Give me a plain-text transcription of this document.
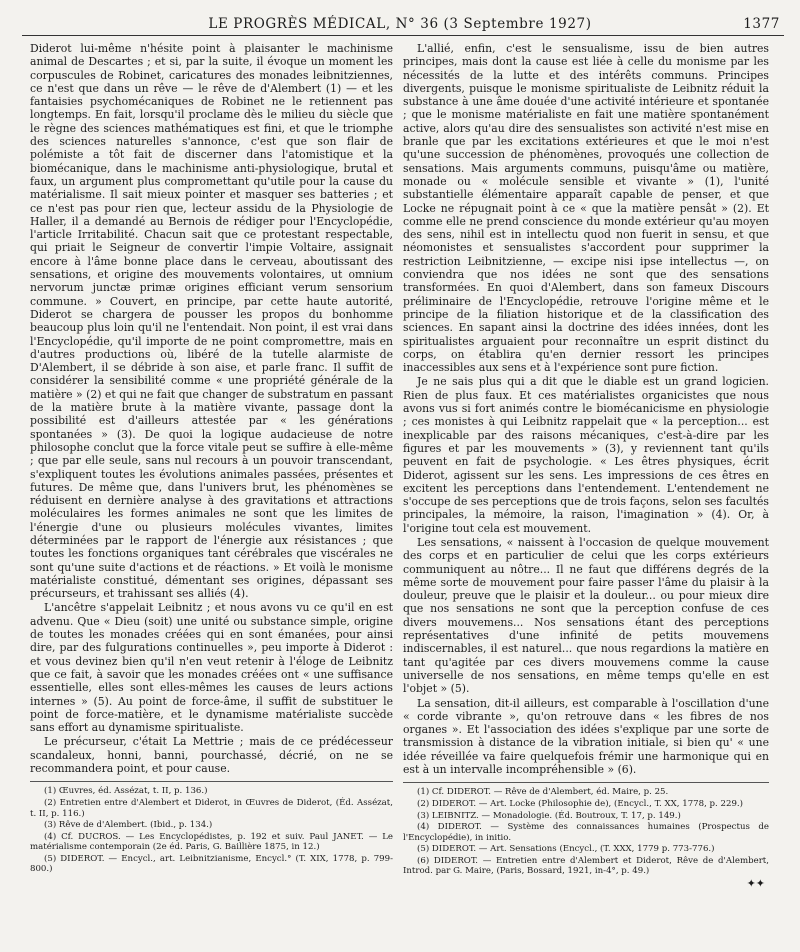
LE PROGRÈS MÉDICAL, N° 36 (3 Septembre 1927)	1377

Diderot lui-même n'hésite point à plaisanter le machinisme animal de Descartes ; et si, par la suite, il évoque un moment les corpuscules de Robinet, caricatures des monades leibnitziennes, ce n'est que dans un rêve — le rêve de d'Alembert (1) — et les fantaisies psychomécaniques de Robinet ne le retiennent pas longtemps. En fait, lorsqu'il proclame dès le milieu du siècle que le règne des sciences mathématiques est fini, et que le triomphe des sciences naturelles s'annonce, c'est que son flair de polémiste a tôt fait de discerner dans l'atomistique et la biomécanique, dans le machinisme anti-physiologique, brutal et faux, un argument plus compromettant qu'utile pour la cause du matérialisme. Il sait mieux pointer et masquer ses batteries ; et ce n'est pas pour rien que, lecteur assidu de la Physiologie de Haller, il a demandé au Bernois de rédiger pour l'Encyclopédie, l'article Irritabilité. Chacun sait que ce protestant respectable, qui priait le Seigneur de convertir l'impie Voltaire, assignait encore à l'âme bonne place dans le cerveau, aboutissant des sensations, et origine des mouvements volontaires, ut omnium nervorum junctæ primæ origines efficiant verum sensorium commune. » Couvert, en principe, par cette haute autorité, Diderot se chargera de pousser les propos du bonhomme beaucoup plus loin qu'il ne l'entendait. Non point, il est vrai dans l'Encyclopédie, qu'il importe de ne point compromettre, mais en d'autres productions où, libéré de la tutelle alarmiste de D'Alembert, il se débride à son aise, et parle franc. Il suffit de considérer la sensibilité comme « une propriété générale de la matière » (2) et qui ne fait que changer de substratum en passant de la matière brute à la matière vivante, passage dont la possibilité est d'ailleurs attestée par « les générations spontanées » (3). De quoi la logique audacieuse de notre philosophe conclut que la force vitale peut se suffire à elle-même ; que par elle seule, sans nul recours à un pouvoir transcendant, s'expliquent toutes les évolutions animales passées, présentes et futures. De même que, dans l'univers brut, les phénomènes se réduisent en dernière analyse à des gravitations et attractions moléculaires les formes animales ne sont que les limites de l'énergie d'une ou plusieurs molécules vivantes, limites déterminées par le rapport de l'énergie aux résistances ; que toutes les fonctions organiques tant cérébrales que viscérales ne sont qu'une suite d'actions et de réactions. » Et voilà le monisme matérialiste constitué, démentant ses origines, dépassant ses précurseurs, et trahissant ses alliés (4).

L'ancêtre s'appelait Leibnitz ; et nous avons vu ce qu'il en est advenu. Que « Dieu (soit) une unité ou substance simple, origine de toutes les monades créées qui en sont émanées, pour ainsi dire, par des fulgurations continuelles », peu importe à Diderot : et vous devinez bien qu'il n'en veut retenir à l'éloge de Leibnitz que ce fait, à savoir que les monades créées ont « une suffisance essentielle, elles sont elles-mêmes les causes de leurs actions internes » (5). Au point de force-âme, il suffit de substituer le point de force-matière, et le dynamisme matérialiste succède sans effort au dynamisme spiritualiste.

Le précurseur, c'était La Mettrie ; mais de ce prédécesseur scandaleux, honni, banni, pourchassé, décrié, on ne se recommandera point, et pour cause.

(1) Œuvres, éd. Assézat, t. II, p. 136.)

(2) Entretien entre d'Alembert et Diderot, in Œuvres de Diderot, (Éd. Assézat, t. II, p. 116.)

(3) Rêve de d'Alembert. (Ibid., p. 134.)

(4) Cf. DUCROS. — Les Encyclopédistes, p. 192 et suiv. Paul JANET. — Le matérialisme contemporain (2e éd. Paris, G. Baillière 1875, in 12.)

(5) DIDEROT. — Encycl., art. Leibnitzianisme, Encycl.° (T. XIX, 1778, p. 799-800.)

L'allié, enfin, c'est le sensualisme, issu de bien autres principes, mais dont la cause est liée à celle du monisme par les nécessités de la lutte et des intérêts communs. Principes divergents, puisque le monisme spiritualiste de Leibnitz réduit la substance à une âme douée d'une activité intérieure et spontanée ; que le monisme matérialiste en fait une matière spontanément active, alors qu'au dire des sensualistes son activité n'est mise en branle que par les excitations extérieures et que le moi n'est qu'une succession de phénomènes, provoqués une collection de sensations. Mais arguments communs, puisqu'âme ou matière, monade ou « molécule sensible et vivante » (1), l'unité substantielle élémentaire apparaît capable de penser, et que Locke ne répugnait point à ce « que la matière pensât » (2). Et comme elle ne prend conscience du monde extérieur qu'au moyen des sens, nihil est in intellectu quod non fuerit in sensu, et que néomonistes et sensualistes s'accordent pour supprimer la restriction Leibnitzienne, — excipe nisi ipse intellectus —, on conviendra que nos idées ne sont que des sensations transformées. En quoi d'Alembert, dans son fameux Discours préliminaire de l'Encyclopédie, retrouve l'origine même et le principe de la filiation historique et de la classification des sciences. En sapant ainsi la doctrine des idées innées, dont les spiritualistes arguaient pour reconnaître un esprit distinct du corps, on établira qu'en dernier ressort les principes inaccessibles aux sens et à l'expérience sont pure fiction.

Je ne sais plus qui a dit que le diable est un grand logicien. Rien de plus faux. Et ces matérialistes organicistes que nous avons vus si fort animés contre le biomécanicisme en physiologie ; ces monistes à qui Leibnitz rappelait que « la perception... est inexplicable par des raisons mécaniques, c'est-à-dire par les figures et par les mouvements » (3), y reviennent tant qu'ils peuvent en fait de psychologie. « Les êtres physiques, écrit Diderot, agissent sur les sens. Les impressions de ces êtres en excitent les perceptions dans l'entendement. L'entendement ne s'occupe de ses perceptions que de trois façons, selon ses facultés principales, la mémoire, la raison, l'imagination » (4). Or, à l'origine tout cela est mouvement.

Les sensations, « naissent à l'occasion de quelque mouvement des corps et en particulier de celui que les corps extérieurs communiquent au nôtre... Il ne faut que différens degrés de la même sorte de mouvement pour faire passer l'âme du plaisir à la douleur, preuve que le plaisir et la douleur... ou pour mieux dire que nos sensations ne sont que la perception confuse de ces divers mouvemens... Nos sensations étant des perceptions représentatives d'une infinité de petits mouvemens indiscernables, il est naturel... que nous regardions la matière en tant qu'agitée par ces divers mouvemens comme la cause universelle de nos sensations, en même temps qu'elle en est l'objet » (5).

La sensation, dit-il ailleurs, est comparable à l'oscillation d'une « corde vibrante », qu'on retrouve dans « les fibres de nos organes ». Et l'association des idées s'explique par une sorte de transmission à distance de la vibration initiale, si bien qu' « une idée réveillée va faire quelquefois frémir une harmonique qui en est à un intervalle incompréhensible » (6).

(1) Cf. DIDEROT. — Rêve de d'Alembert, éd. Maire, p. 25.

(2) DIDEROT. — Art. Locke (Philosophie de), (Encycl., T. XX, 1778, p. 229.)

(3) LEIBNITZ. — Monadologie. (Éd. Boutroux, T. 17, p. 149.)

(4) DIDEROT. — Système des connaissances humaines (Prospectus de l'Encyclopédie), in initio.

(5) DIDEROT. — Art. Sensations (Encycl., (T. XXX, 1779 p. 773-776.)

(6) DIDEROT. — Entretien entre d'Alembert et Diderot, Rêve de d'Alembert, Introd. par G. Maire, (Paris, Bossard, 1921, in-4°, p. 49.)

✦✦
